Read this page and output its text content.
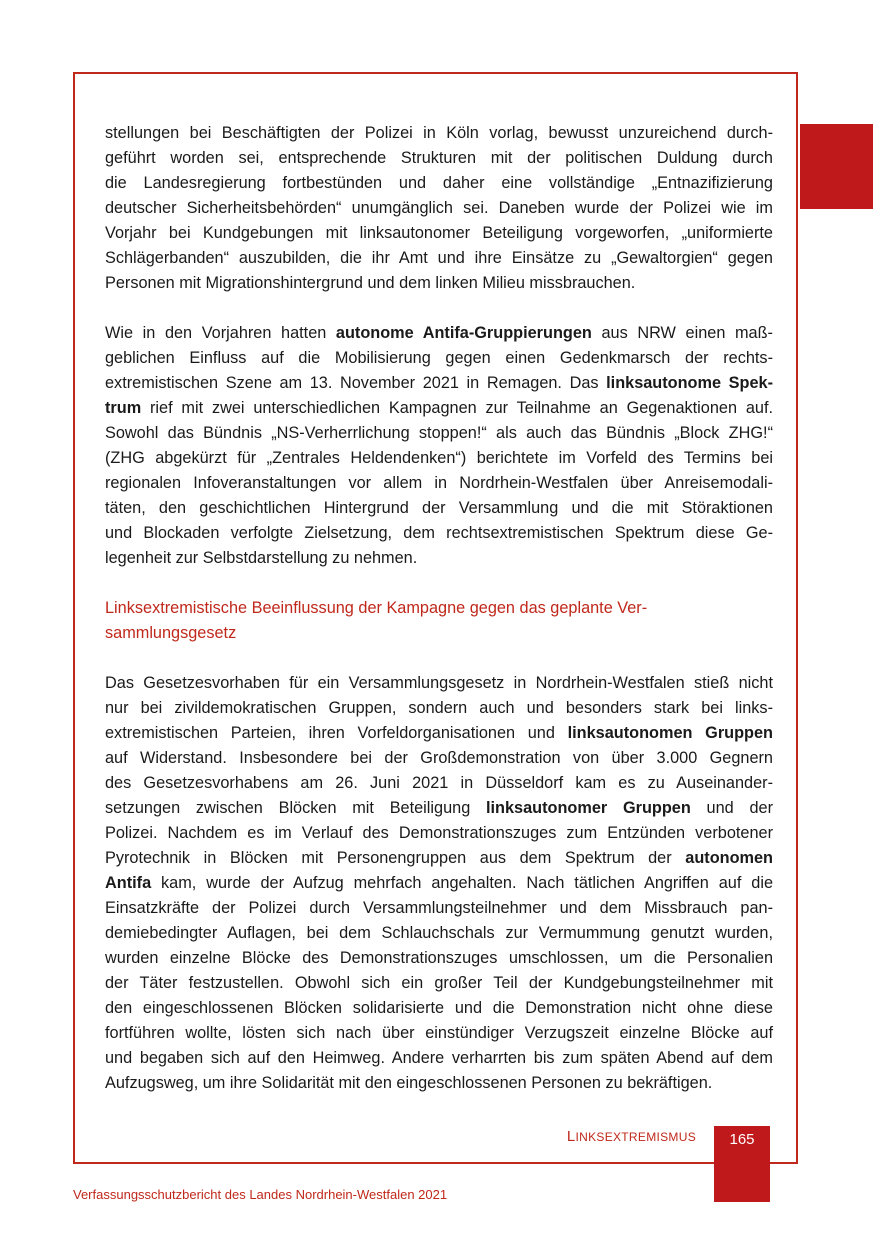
stellungen bei Beschäftigten der Polizei in Köln vorlag, bewusst unzureichend durch-
geführt worden sei, entsprechende Strukturen mit der politischen Duldung durch
die Landesregierung fortbestünden und daher eine vollständige „Entnazifizierung
deutscher Sicherheitsbehörden“ unumgänglich sei. Daneben wurde der Polizei wie im
Vorjahr bei Kundgebungen mit linksautonomer Beteiligung vorgeworfen, „uniformierte
Schlägerbanden“ auszubilden, die ihr Amt und ihre Einsätze zu „Gewaltorgien“ gegen
Personen mit Migrationshintergrund und dem linken Milieu missbrauchen.
Wie in den Vorjahren hatten autonome Antifa-Gruppierungen aus NRW einen maß-
geblichen Einfluss auf die Mobilisierung gegen einen Gedenkmarsch der rechts-
extremistischen Szene am 13. November 2021 in Remagen. Das linksautonome Spek-
trum rief mit zwei unterschiedlichen Kampagnen zur Teilnahme an Gegenaktionen auf.
Sowohl das Bündnis „NS-Verherrlichung stoppen!“ als auch das Bündnis „Block ZHG!“
(ZHG abgekürzt für „Zentrales Heldendenken“) berichtete im Vorfeld des Termins bei
regionalen Infoveranstaltungen vor allem in Nordrhein-Westfalen über Anreisemodali-
täten, den geschichtlichen Hintergrund der Versammlung und die mit Störaktionen
und Blockaden verfolgte Zielsetzung, dem rechtsextremistischen Spektrum diese Ge-
legenheit zur Selbstdarstellung zu nehmen.
Linksextremistische Beeinflussung der Kampagne gegen das geplante Ver-
sammlungsgesetz
Das Gesetzesvorhaben für ein Versammlungsgesetz in Nordrhein-Westfalen stieß nicht
nur bei zivildemokratischen Gruppen, sondern auch und besonders stark bei links-
extremistischen Parteien, ihren Vorfeldorganisationen und linksautonomen Gruppen
auf Widerstand. Insbesondere bei der Großdemonstration von über 3.000 Gegnern
des Gesetzesvorhabens am 26. Juni 2021 in Düsseldorf kam es zu Auseinander-
setzungen zwischen Blöcken mit Beteiligung linksautonomer Gruppen und der
Polizei. Nachdem es im Verlauf des Demonstrationszuges zum Entzünden verbotener
Pyrotechnik in Blöcken mit Personengruppen aus dem Spektrum der autonomen
Antifa kam, wurde der Aufzug mehrfach angehalten. Nach tätlichen Angriffen auf die
Einsatzkräfte der Polizei durch Versammlungsteilnehmer und dem Missbrauch pan-
demiebedingter Auflagen, bei dem Schlauchschals zur Vermummung genutzt wurden,
wurden einzelne Blöcke des Demonstrationszuges umschlossen, um die Personalien
der Täter festzustellen. Obwohl sich ein großer Teil der Kundgebungsteilnehmer mit
den eingeschlossenen Blöcken solidarisierte und die Demonstration nicht ohne diese
fortführen wollte, lösten sich nach über einstündiger Verzugszeit einzelne Blöcke auf
und begaben sich auf den Heimweg. Andere verharrten bis zum späten Abend auf dem
Aufzugsweg, um ihre Solidarität mit den eingeschlossenen Personen zu bekräftigen.
LINKSEXTREMISMUS	165
Verfassungsschutzbericht des Landes Nordrhein-Westfalen 2021
